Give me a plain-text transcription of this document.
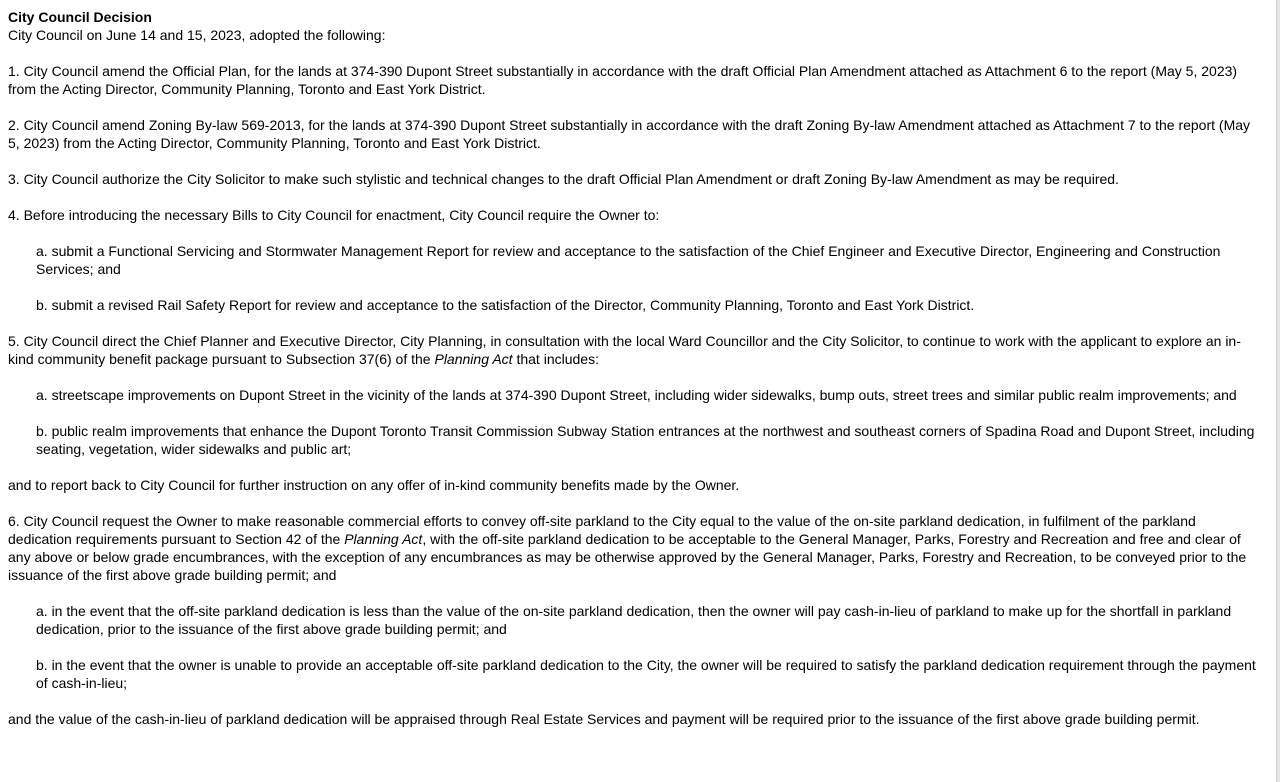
City Council Decision

City Council on June 14 and 15, 2023, adopted the following:

1. City Council amend the Official Plan, for the lands at 374-390 Dupont Street substantially in accordance with the draft Official Plan Amendment attached as Attachment 6 to the report (May 5, 2023) from the Acting Director, Community Planning, Toronto and East York District.

2. City Council amend Zoning By-law 569-2013, for the lands at 374-390 Dupont Street substantially in accordance with the draft Zoning By-law Amendment attached as Attachment 7 to the report (May 5, 2023) from the Acting Director, Community Planning, Toronto and East York District.

3. City Council authorize the City Solicitor to make such stylistic and technical changes to the draft Official Plan Amendment or draft Zoning By-law Amendment as may be required.

4. Before introducing the necessary Bills to City Council for enactment, City Council require the Owner to:

a. submit a Functional Servicing and Stormwater Management Report for review and acceptance to the satisfaction of the Chief Engineer and Executive Director, Engineering and Construction Services; and

b. submit a revised Rail Safety Report for review and acceptance to the satisfaction of the Director, Community Planning, Toronto and East York District.

5. City Council direct the Chief Planner and Executive Director, City Planning, in consultation with the local Ward Councillor and the City Solicitor, to continue to work with the applicant to explore an in-kind community benefit package pursuant to Subsection 37(6) of the Planning Act that includes:

a. streetscape improvements on Dupont Street in the vicinity of the lands at 374-390 Dupont Street, including wider sidewalks, bump outs, street trees and similar public realm improvements; and

b. public realm improvements that enhance the Dupont Toronto Transit Commission Subway Station entrances at the northwest and southeast corners of Spadina Road and Dupont Street, including seating, vegetation, wider sidewalks and public art;

and to report back to City Council for further instruction on any offer of in-kind community benefits made by the Owner.

6. City Council request the Owner to make reasonable commercial efforts to convey off-site parkland to the City equal to the value of the on-site parkland dedication, in fulfilment of the parkland dedication requirements pursuant to Section 42 of the Planning Act, with the off-site parkland dedication to be acceptable to the General Manager, Parks, Forestry and Recreation and free and clear of any above or below grade encumbrances, with the exception of any encumbrances as may be otherwise approved by the General Manager, Parks, Forestry and Recreation, to be conveyed prior to the issuance of the first above grade building permit; and

a. in the event that the off-site parkland dedication is less than the value of the on-site parkland dedication, then the owner will pay cash-in-lieu of parkland to make up for the shortfall in parkland dedication, prior to the issuance of the first above grade building permit; and

b. in the event that the owner is unable to provide an acceptable off-site parkland dedication to the City, the owner will be required to satisfy the parkland dedication requirement through the payment of cash-in-lieu;

and the value of the cash-in-lieu of parkland dedication will be appraised through Real Estate Services and payment will be required prior to the issuance of the first above grade building permit.
